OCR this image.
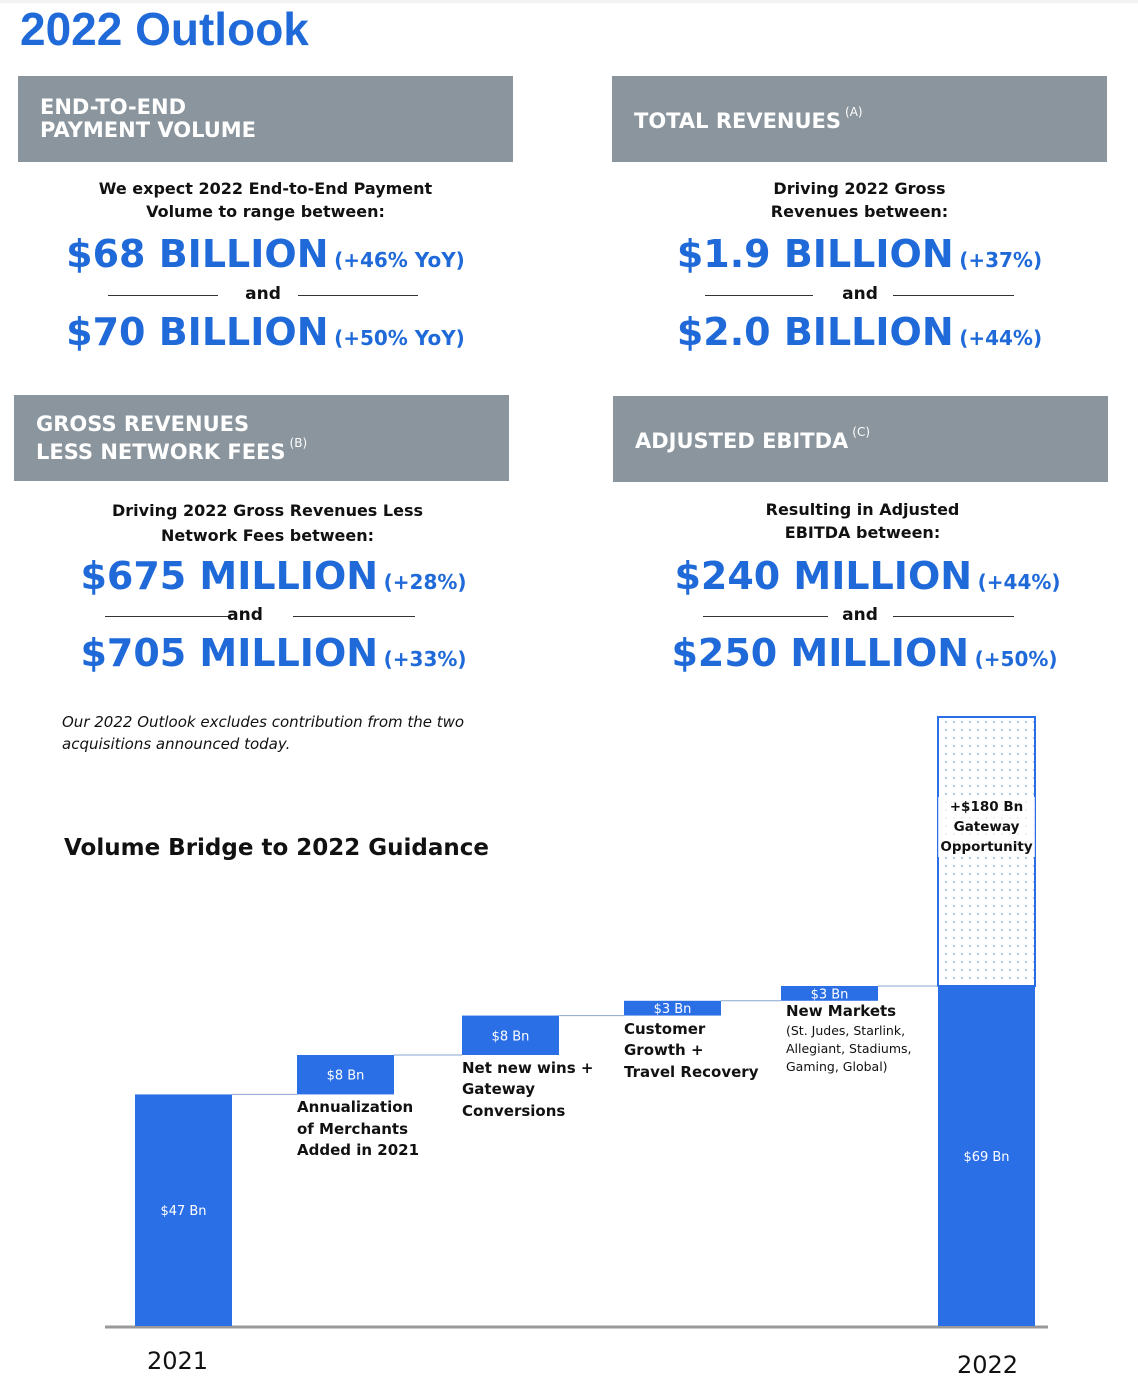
2022 Outlook
END-TO-END
PAYMENT VOLUME
We expect 2022 End-to-End Payment
Volume to range between:
$68 BILLION (+46% YoY)
and
$70 BILLION (+50% YoY)
TOTAL REVENUES $^{(A)}$
Driving 2022 Gross
Revenues between:
$1.9 BILLION (+37%)
and
$2.0 BILLION (+44%)
GROSS REVENUES
LESS NETWORK FEES $^{(B)}$
Driving 2022 Gross Revenues Less
Network Fees between:
$675 MILLION (+28%)
and
$705 MILLION (+33%)
ADJUSTED EBITDA $^{(C)}$
Resulting in Adjusted
EBITDA between:
$240 MILLION (+44%)
and
$250 MILLION (+50%)
Our 2022 Outlook excludes contribution from the two acquisitions announced today.
Volume Bridge to 2022 Guidance
$47 Bn
$8 Bn
$8 Bn
$3 Bn
$3 Bn
$69 Bn
Annualization
of Merchants
Added in 2021
Net new wins +
Gateway
Conversions
Customer
Growth +
Travel Recovery
New Markets
(St. Judes, Starlink,
Allegiant, Stadiums,
Gaming, Global)
2021	2022
+$180 Bn
Gateway
Opportunity
